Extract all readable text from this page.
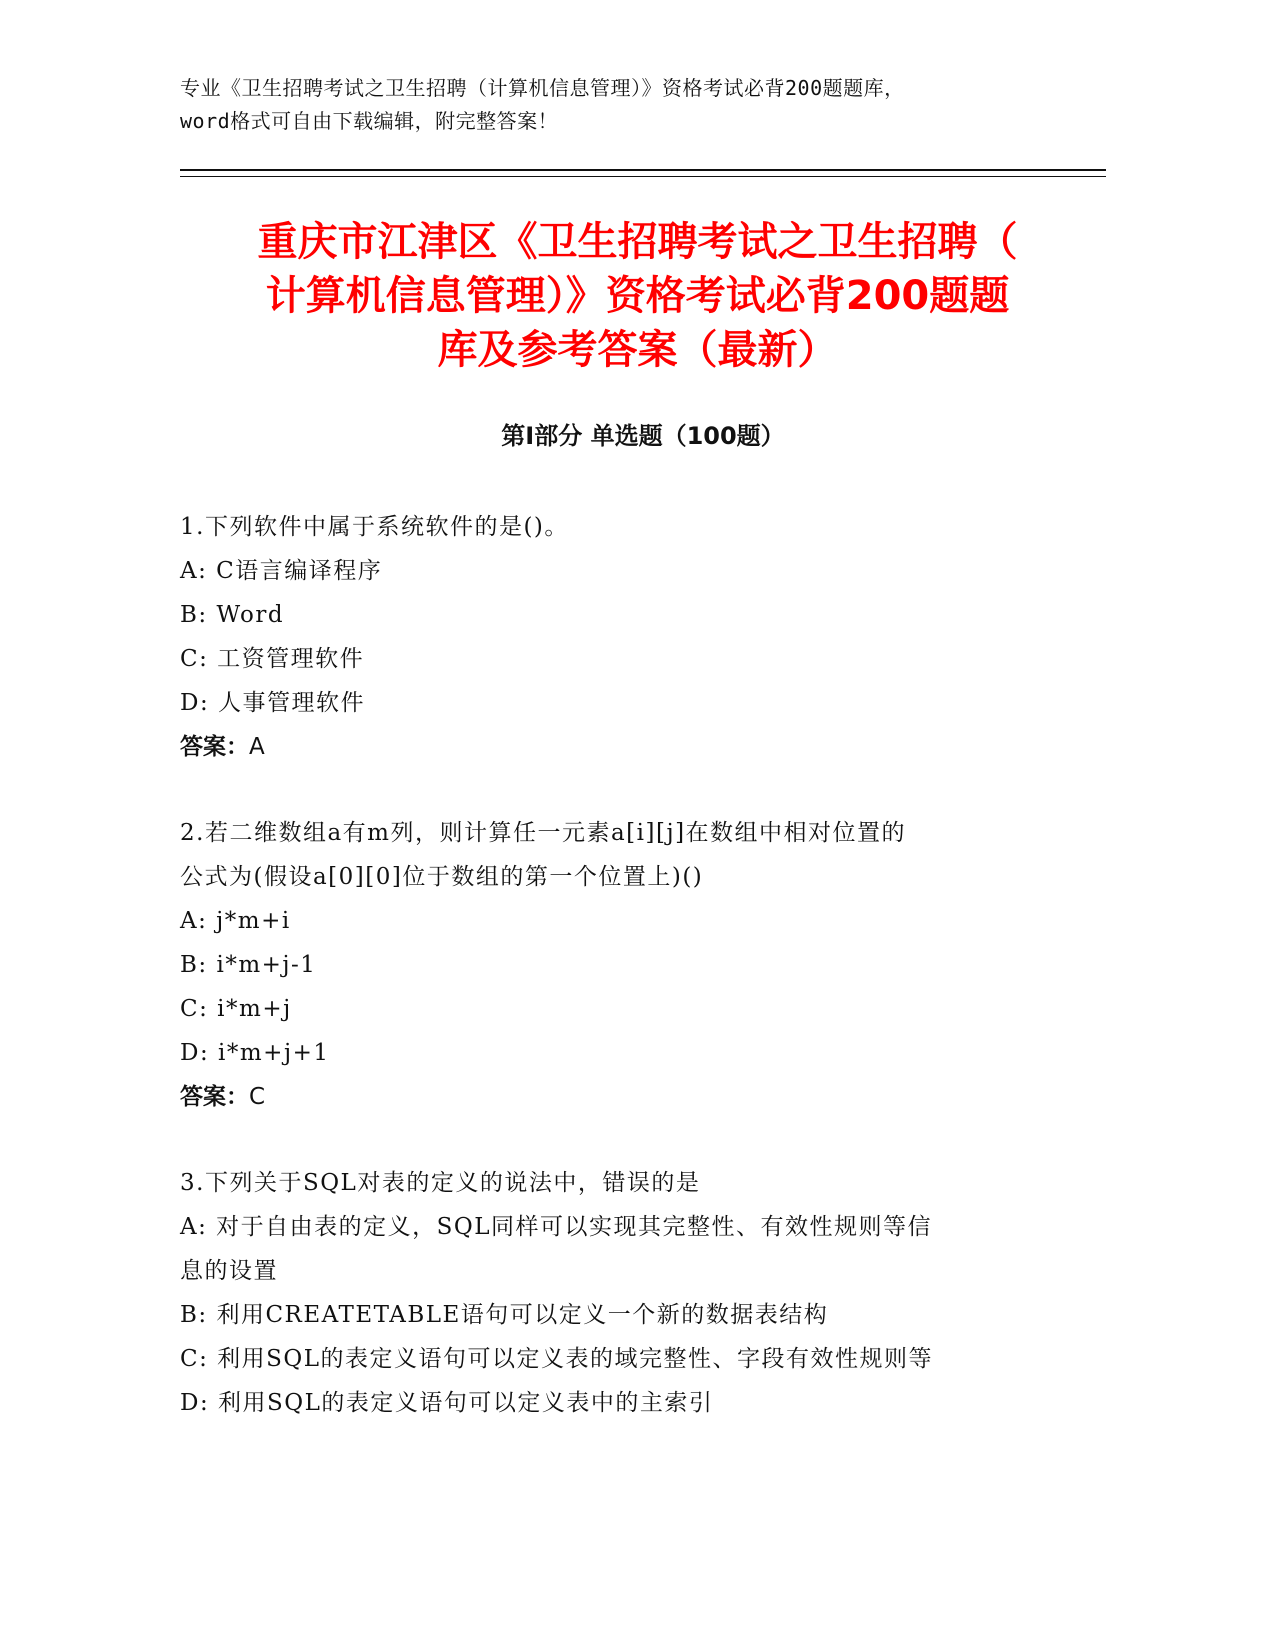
专业《卫生招聘考试之卫生招聘（计算机信息管理）》资格考试必背200题题库，
word格式可自由下载编辑，附完整答案！
重庆市江津区《卫生招聘考试之卫生招聘（
计算机信息管理）》资格考试必背200题题
库及参考答案（最新）
第Ⅰ部分 单选题（100题）
1.下列软件中属于系统软件的是()。
A: C语言编译程序
B: Word
C: 工资管理软件
D: 人事管理软件
答案：A
2.若二维数组a有m列，则计算任一元素a[i][j]在数组中相对位置的
公式为(假设a[0][0]位于数组的第一个位置上)()
A: j*m+i
B: i*m+j-1
C: i*m+j
D: i*m+j+1
答案：C
3.下列关于SQL对表的定义的说法中，错误的是
A: 对于自由表的定义，SQL同样可以实现其完整性、有效性规则等信
息的设置
B: 利用CREATETABLE语句可以定义一个新的数据表结构
C: 利用SQL的表定义语句可以定义表的域完整性、字段有效性规则等
D: 利用SQL的表定义语句可以定义表中的主索引
